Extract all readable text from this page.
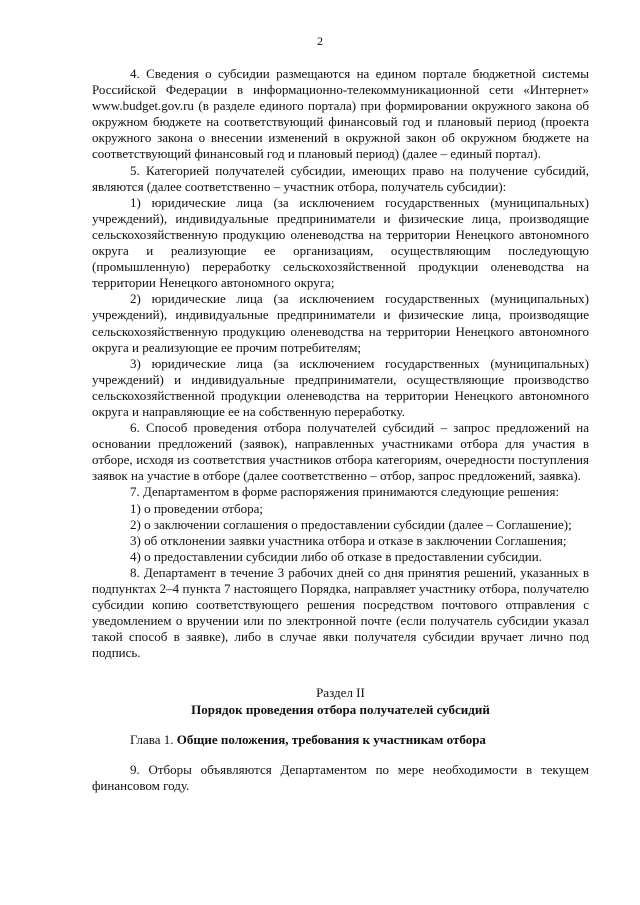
2

4. Сведения о субсидии размещаются на едином портале бюджетной системы Российской Федерации в информационно-телекоммуникационной сети «Интернет» www.budget.gov.ru (в разделе единого портала) при формировании окружного закона об окружном бюджете на соответствующий финансовый год и плановый период (проекта окружного закона о внесении изменений в окружной закон об окружном бюджете на соответствующий финансовый год и плановый период) (далее – единый портал).

5. Категорией получателей субсидии, имеющих право на получение субсидий, являются (далее соответственно – участник отбора, получатель субсидии):

1) юридические лица (за исключением государственных (муниципальных) учреждений), индивидуальные предприниматели и физические лица, производящие сельскохозяйственную продукцию оленеводства на территории Ненецкого автономного округа и реализующие ее организациям, осуществляющим последующую (промышленную) переработку сельскохозяйственной продукции оленеводства на территории Ненецкого автономного округа;

2) юридические лица (за исключением государственных (муниципальных) учреждений), индивидуальные предприниматели и физические лица, производящие сельскохозяйственную продукцию оленеводства на территории Ненецкого автономного округа и реализующие ее прочим потребителям;

3) юридические лица (за исключением государственных (муниципальных) учреждений) и индивидуальные предприниматели, осуществляющие производство сельскохозяйственной продукции оленеводства на территории Ненецкого автономного округа и направляющие ее на собственную переработку.

6. Способ проведения отбора получателей субсидий – запрос предложений на основании предложений (заявок), направленных участниками отбора для участия в отборе, исходя из соответствия участников отбора категориям, очередности поступления заявок на участие в отборе (далее соответственно – отбор, запрос предложений, заявка).

7. Департаментом в форме распоряжения принимаются следующие решения:

1) о проведении отбора;

2) о заключении соглашения о предоставлении субсидии (далее – Соглашение);

3) об отклонении заявки участника отбора и отказе в заключении Соглашения;

4) о предоставлении субсидии либо об отказе в предоставлении субсидии.

8. Департамент в течение 3 рабочих дней со дня принятия решений, указанных в подпунктах 2–4 пункта 7 настоящего Порядка, направляет участнику отбора, получателю субсидии копию соответствующего решения посредством почтового отправления с уведомлением о вручении или по электронной почте (если получатель субсидии указал такой способ в заявке), либо в случае явки получателя субсидии вручает лично под подпись.

Раздел II

Порядок проведения отбора получателей субсидий

Глава 1. Общие положения, требования к участникам отбора

9. Отборы объявляются Департаментом по мере необходимости в текущем финансовом году.
